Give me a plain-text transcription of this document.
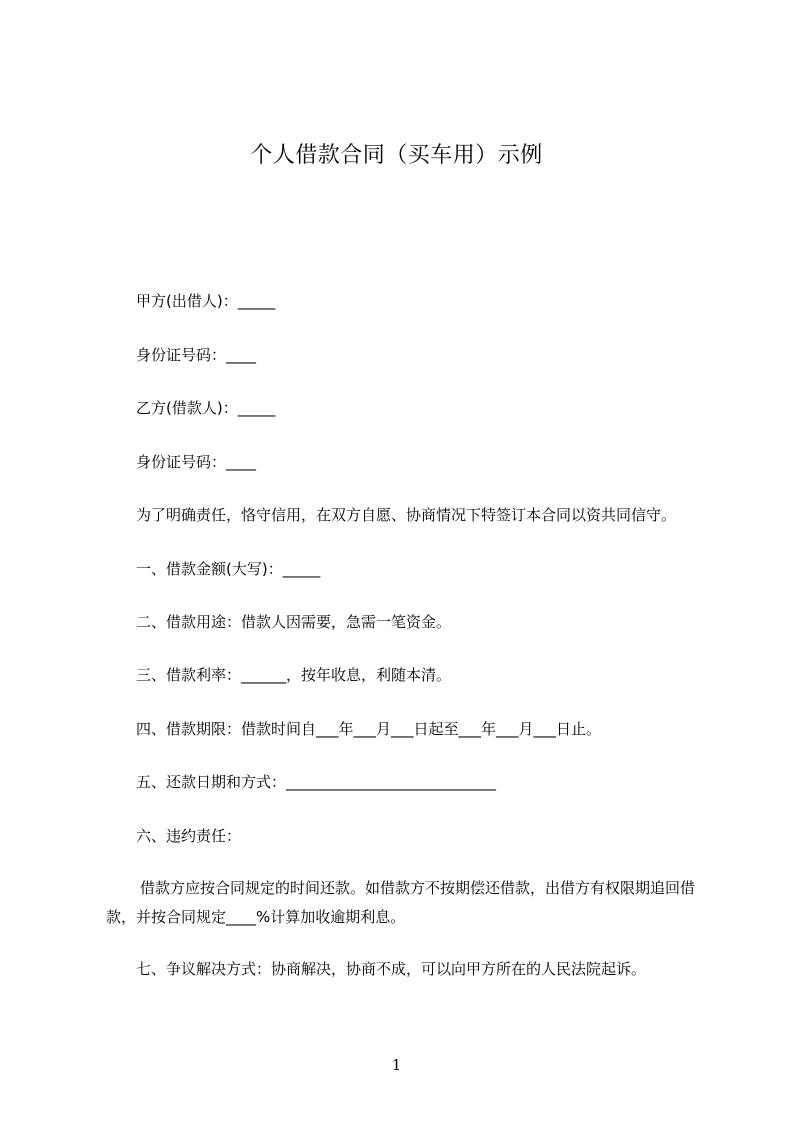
个人借款合同（买车用）示例
甲方(出借人)：_____
身份证号码：____
乙方(借款人)：_____
身份证号码：____
为了明确责任，恪守信用，在双方自愿、协商情况下特签订本合同以资共同信守。
一、借款金额(大写)：_____
二、借款用途：借款人因需要，急需一笔资金。
三、借款利率：______，按年收息，利随本清。
四、借款期限：借款时间自___年___月___日起至___年___月___日止。
五、还款日期和方式：____________________________
六、违约责任：
借款方应按合同规定的时间还款。如借款方不按期偿还借款，出借方有权限期追回借款，并按合同规定____%计算加收逾期利息。
七、争议解决方式：协商解决，协商不成，可以向甲方所在的人民法院起诉。
1
